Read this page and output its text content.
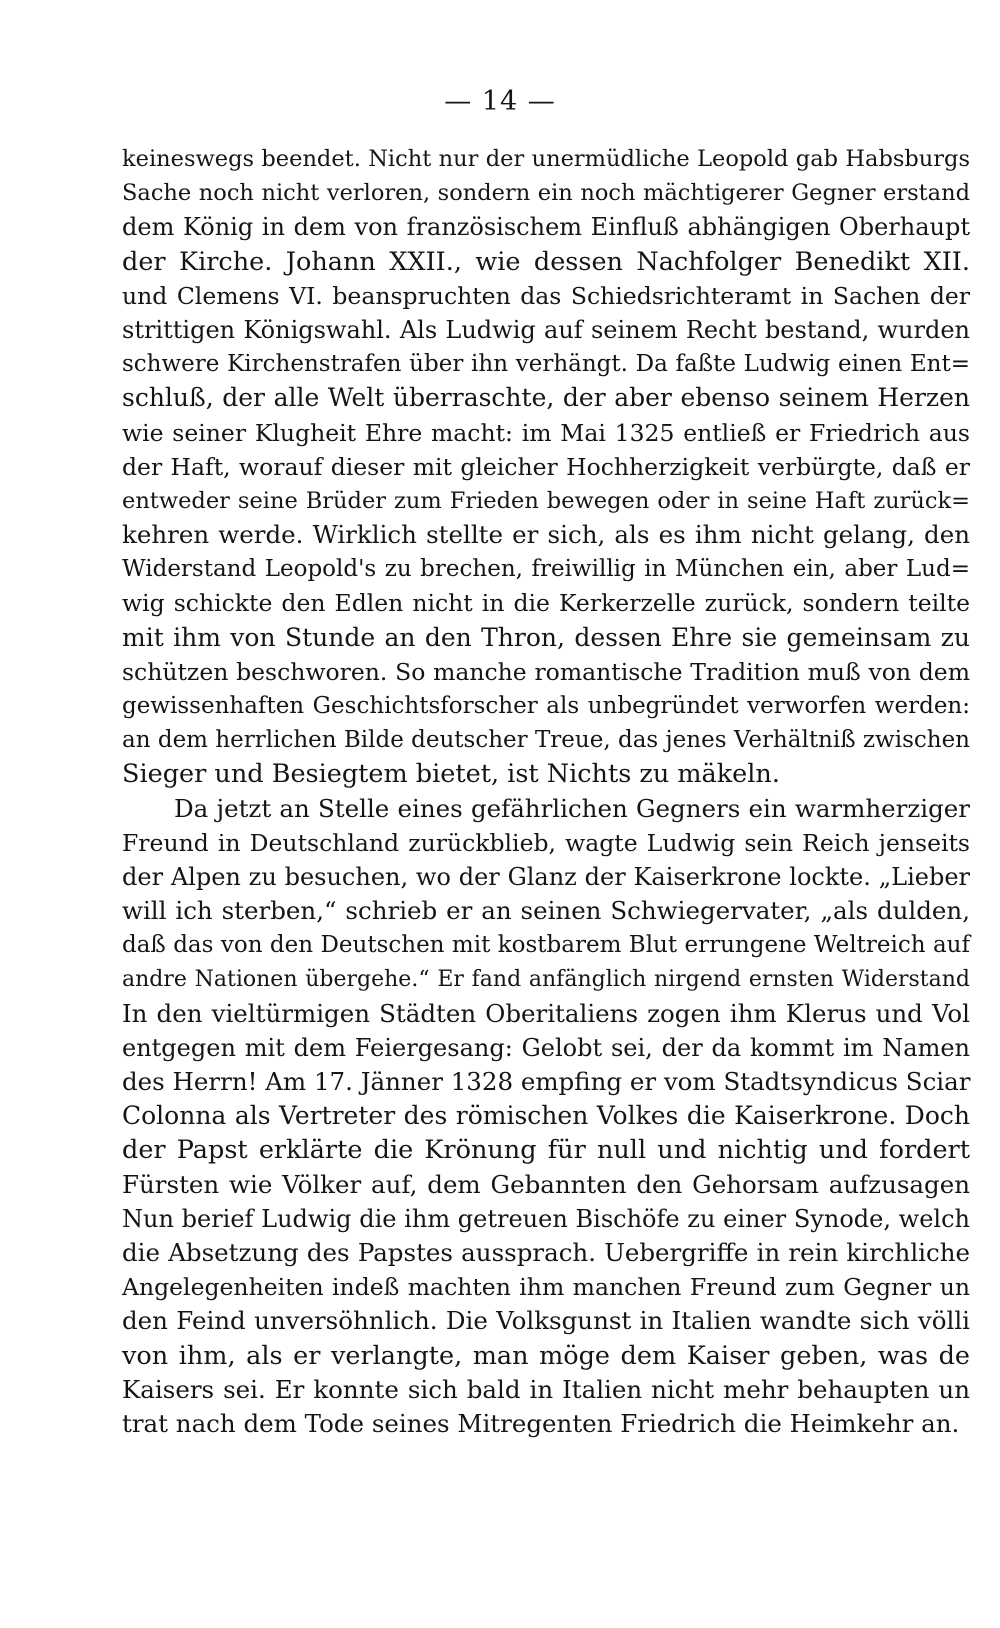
— 14 —
keineswegs beendet. Nicht nur der unermüdliche Leopold gab Habsburgs
Sache noch nicht verloren, sondern ein noch mächtigerer Gegner erstand
dem König in dem von französischem Einfluß abhängigen Oberhaupt
der Kirche. Johann XXII., wie dessen Nachfolger Benedikt XII.
und Clemens VI. beanspruchten das Schiedsrichteramt in Sachen der
strittigen Königswahl. Als Ludwig auf seinem Recht bestand, wurden
schwere Kirchenstrafen über ihn verhängt. Da faßte Ludwig einen Ent=
schluß, der alle Welt überraschte, der aber ebenso seinem Herzen
wie seiner Klugheit Ehre macht: im Mai 1325 entließ er Friedrich aus
der Haft, worauf dieser mit gleicher Hochherzigkeit verbürgte, daß er
entweder seine Brüder zum Frieden bewegen oder in seine Haft zurück=
kehren werde. Wirklich stellte er sich, als es ihm nicht gelang, den
Widerstand Leopold's zu brechen, freiwillig in München ein, aber Lud=
wig schickte den Edlen nicht in die Kerkerzelle zurück, sondern teilte
mit ihm von Stunde an den Thron, dessen Ehre sie gemeinsam zu
schützen beschworen. So manche romantische Tradition muß von dem
gewissenhaften Geschichtsforscher als unbegründet verworfen werden:
an dem herrlichen Bilde deutscher Treue, das jenes Verhältniß zwischen
Sieger und Besiegtem bietet, ist Nichts zu mäkeln.
Da jetzt an Stelle eines gefährlichen Gegners ein warmherziger
Freund in Deutschland zurückblieb, wagte Ludwig sein Reich jenseits
der Alpen zu besuchen, wo der Glanz der Kaiserkrone lockte. „Lieber
will ich sterben,“ schrieb er an seinen Schwiegervater, „als dulden,
daß das von den Deutschen mit kostbarem Blut errungene Weltreich auf
andre Nationen übergehe.“ Er fand anfänglich nirgend ernsten Widerstand
In den vieltürmigen Städten Oberitaliens zogen ihm Klerus und Vol
entgegen mit dem Feiergesang: Gelobt sei, der da kommt im Namen
des Herrn! Am 17. Jänner 1328 empfing er vom Stadtsyndicus Sciar
Colonna als Vertreter des römischen Volkes die Kaiserkrone. Doch
der Papst erklärte die Krönung für null und nichtig und fordert
Fürsten wie Völker auf, dem Gebannten den Gehorsam aufzusagen
Nun berief Ludwig die ihm getreuen Bischöfe zu einer Synode, welch
die Absetzung des Papstes aussprach. Uebergriffe in rein kirchliche
Angelegenheiten indeß machten ihm manchen Freund zum Gegner un
den Feind unversöhnlich. Die Volksgunst in Italien wandte sich völli
von ihm, als er verlangte, man möge dem Kaiser geben, was de
Kaisers sei. Er konnte sich bald in Italien nicht mehr behaupten un
trat nach dem Tode seines Mitregenten Friedrich die Heimkehr an.
